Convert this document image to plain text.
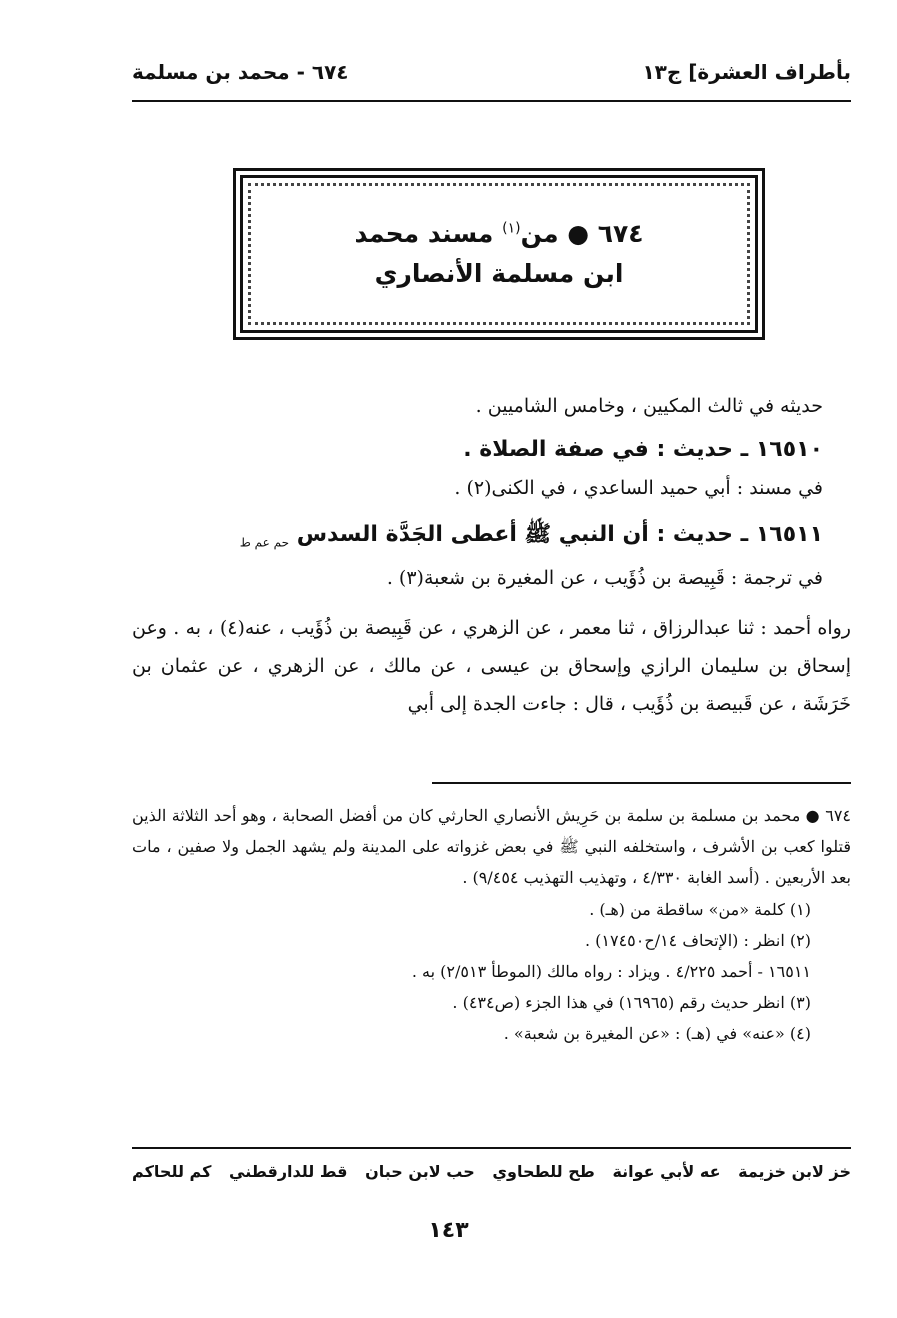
بأطراف العشرة] ج١٣
٦٧٤ - محمد بن مسلمة
٦٧٤ ● من$^{(١)}$ مسند محمد
ابن مسلمة الأنصاري

حديثه في ثالث المكيين ، وخامس الشاميين .

١٦٥١٠ ـ حديث : في صفة الصلاة .

في مسند : أبي حميد الساعدي ، في الكنى(٢) .

١٦٥١١ ـ حديث : أن النبي ﷺ أعطى الجَدَّة السدس $_{حم عم ط}$

في ترجمة : قَبِيصة بن ذُؤَيب ، عن المغيرة بن شعبة(٣) .

رواه أحمد : ثنا عبدالرزاق ، ثنا معمر ، عن الزهري ، عن قَبِيصة بن ذُؤَيب ، عنه(٤) ، به . وعن إسحاق بن سليمان الرازي وإسحاق بن عيسى ، عن مالك ، عن الزهري ، عن عثمان بن خَرَشَة ، عن قَبيصة بن ذُؤَيب ، قال : جاءت الجدة إلى أبي

٦٧٤ ● محمد بن مسلمة بن سلمة بن حَرِيش الأنصاري الحارثي كان من أفضل الصحابة ، وهو أحد الثلاثة الذين قتلوا كعب بن الأشرف ، واستخلفه النبي ﷺ في بعض غزواته على المدينة ولم يشهد الجمل ولا صفين ، مات بعد الأربعين . (أسد الغابة ٤/٣٣٠ ، وتهذيب التهذيب ٩/٤٥٤) .

(١) كلمة «من» ساقطة من (هـ) .

(٢) انظر : (الإتحاف ١٤/ح١٧٤٥٠) .

١٦٥١١ - أحمد ٤/٢٢٥ . ويزاد : رواه مالك (الموطأ ٢/٥١٣) به .

(٣) انظر حديث رقم (١٦٩٦٥) في هذا الجزء (ص٤٣٤) .

(٤) «عنه» في (هـ) : «عن المغيرة بن شعبة» .

خز لابن خزيمة
عه لأبي عوانة
طح للطحاوي
حب لابن حبان
قط للدارقطني
كم للحاكم
١٤٣
